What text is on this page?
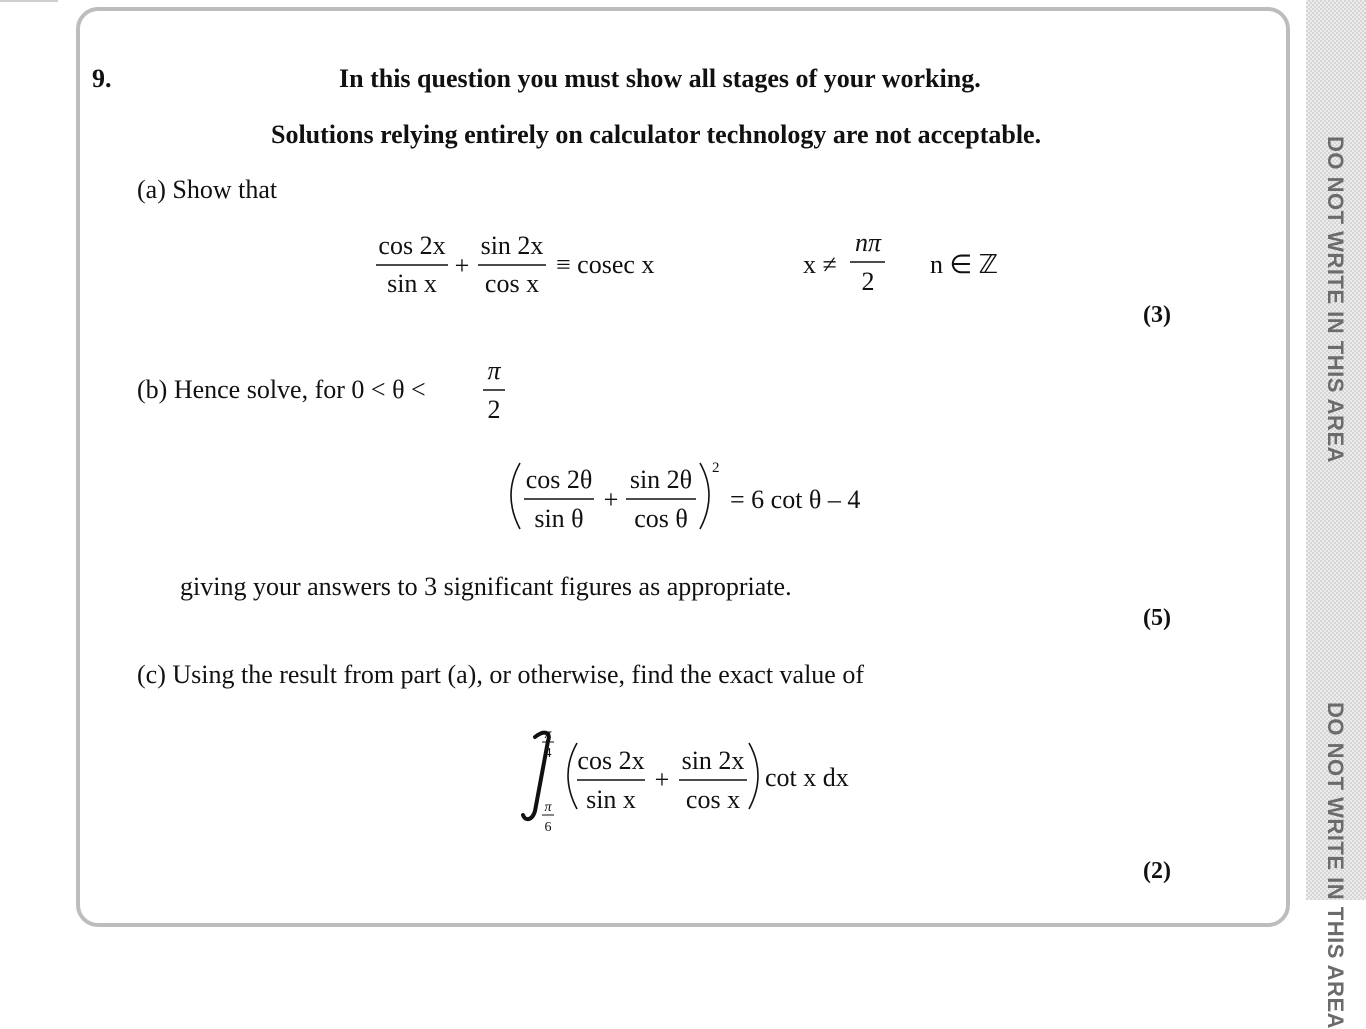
DO NOT WRITE IN THIS AREA
DO NOT WRITE IN THIS AREA
9.	In this question you must show all stages of your working.
Solutions relying entirely on calculator technology are not acceptable.
(a) Show that
cos 2x
sin x
+
sin 2x
cos x
≡ cosec x	x ≠
nπ
2
n ∈ ℤ
(3)
(b) Hence solve, for 0 < θ <
π
2
cos 2θ
sin θ
+
sin 2θ
cos θ
2
= 6 cot θ – 4
giving your answers to 3 significant figures as appropriate.
(5)
(c) Using the result from part (a), or otherwise, find the exact value of
π
4
π
6
cos 2x
sin x
+
sin 2x
cos x
cot x dx
(2)
